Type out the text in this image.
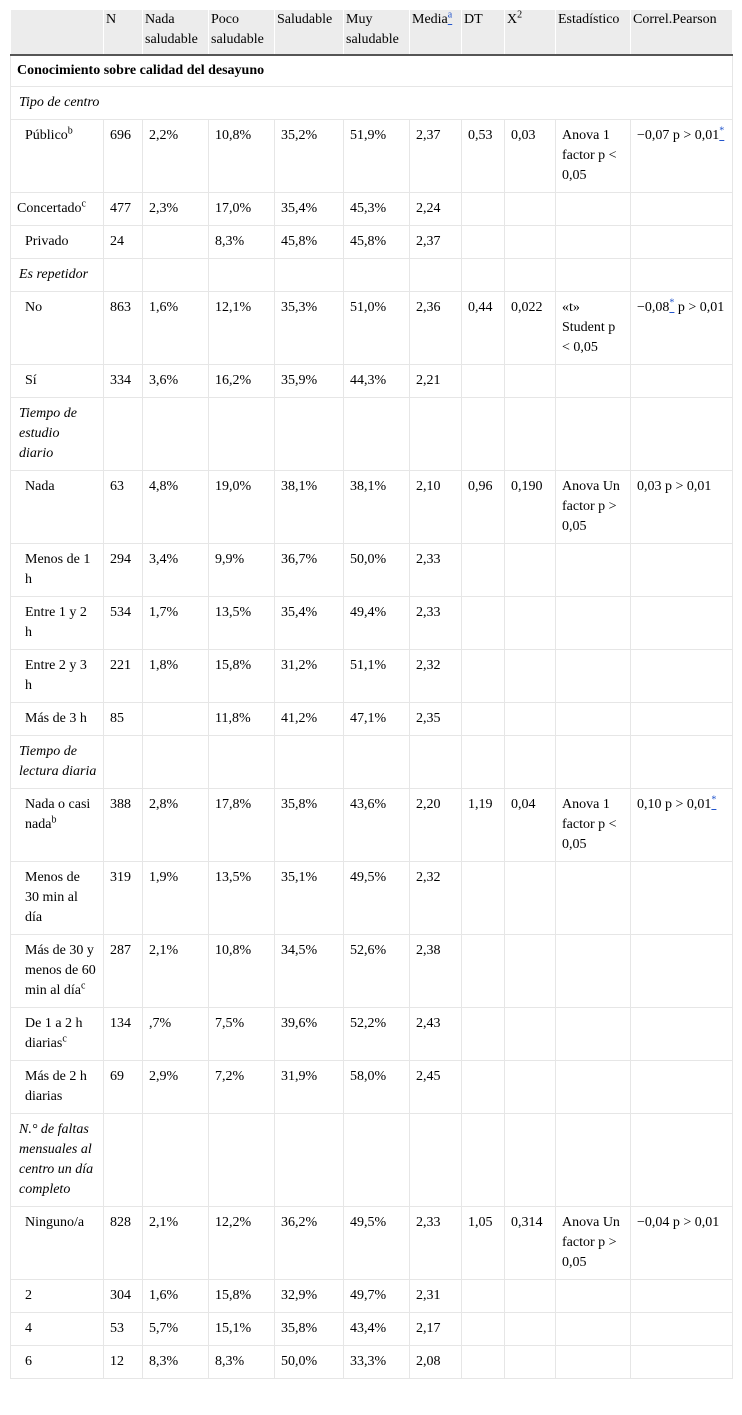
	N	Nada saludable	Poco saludable	Saludable	Muy saludable	Media$^a$	DT	$X^2$	Estadístico	Correl.Pearson
Conocimiento sobre calidad del desayuno										
Tipo de centro										
Público$^b$	696	2,2%	10,8%	35,2%	51,9%	2,37	0,53	0,03	Anova 1 factor p < 0,05	−0,07 p > 0,01*
Concertado$^c$	477	2,3%	17,0%	35,4%	45,3%	2,24				
Privado	24		8,3%	45,8%	45,8%	2,37				
Es repetidor										
No	863	1,6%	12,1%	35,3%	51,0%	2,36	0,44	0,022	«t» Student p < 0,05	−0,08* p > 0,01
Sí	334	3,6%	16,2%	35,9%	44,3%	2,21				
Tiempo de estudio diario										
Nada	63	4,8%	19,0%	38,1%	38,1%	2,10	0,96	0,190	Anova Un factor p > 0,05	0,03 p > 0,01
Menos de 1 h	294	3,4%	9,9%	36,7%	50,0%	2,33				
Entre 1 y 2 h	534	1,7%	13,5%	35,4%	49,4%	2,33				
Entre 2 y 3 h	221	1,8%	15,8%	31,2%	51,1%	2,32				
Más de 3 h	85		11,8%	41,2%	47,1%	2,35				
Tiempo de lectura diaria										
Nada o casi nada$^b$	388	2,8%	17,8%	35,8%	43,6%	2,20	1,19	0,04	Anova 1 factor p < 0,05	0,10 p > 0,01*
Menos de 30 min al día	319	1,9%	13,5%	35,1%	49,5%	2,32				
Más de 30 y menos de 60 min al día$^c$	287	2,1%	10,8%	34,5%	52,6%	2,38				
De 1 a 2 h diarias$^c$	134	,7%	7,5%	39,6%	52,2%	2,43				
Más de 2 h diarias	69	2,9%	7,2%	31,9%	58,0%	2,45				
N.° de faltas mensuales al centro un día completo										
Ninguno/a	828	2,1%	12,2%	36,2%	49,5%	2,33	1,05	0,314	Anova Un factor p > 0,05	−0,04 p > 0,01
2	304	1,6%	15,8%	32,9%	49,7%	2,31				
4	53	5,7%	15,1%	35,8%	43,4%	2,17				
6	12	8,3%	8,3%	50,0%	33,3%	2,08				
